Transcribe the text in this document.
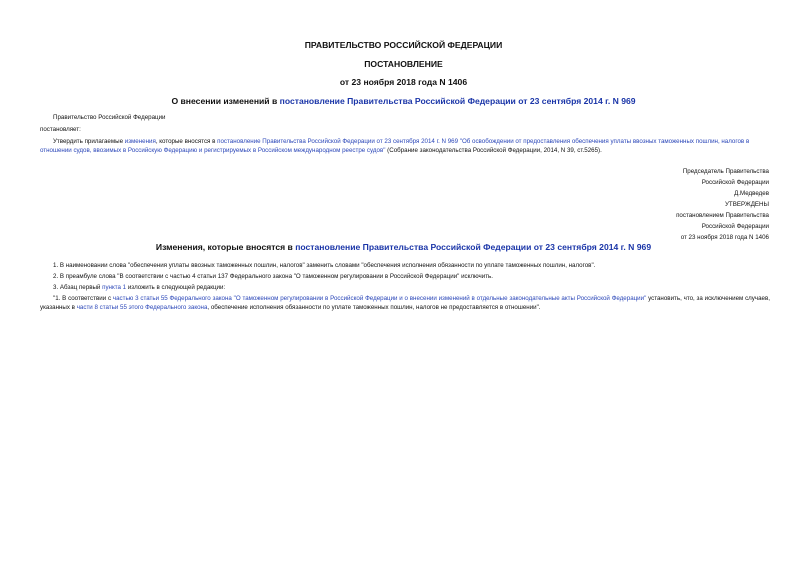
ПРАВИТЕЛЬСТВО РОССИЙСКОЙ ФЕДЕРАЦИИ
ПОСТАНОВЛЕНИЕ
от 23 ноября 2018 года N 1406
О внесении изменений в постановление Правительства Российской Федерации от 23 сентября 2014 г. N 969
Правительство Российской Федерации
постановляет:
Утвердить прилагаемые изменения, которые вносятся в постановление Правительства Российской Федерации от 23 сентября 2014 г. N 969 "Об освобождении от предоставления обеспечения уплаты ввозных таможенных пошлин, налогов в отношении судов, ввозимых в Российскую Федерацию и регистрируемых в Российском международном реестре судов" (Собрание законодательства Российской Федерации, 2014, N 39, ст.5265).
Председатель Правительства
Российской Федерации
Д.Медведев
УТВЕРЖДЕНЫ
постановлением Правительства
Российской Федерации
от 23 ноября 2018 года N 1406
Изменения, которые вносятся в постановление Правительства Российской Федерации от 23 сентября 2014 г. N 969
1. В наименовании слова "обеспечения уплаты ввозных таможенных пошлин, налогов" заменить словами "обеспечения исполнения обязанности по уплате таможенных пошлин, налогов".
2. В преамбуле слова "В соответствии с частью 4 статьи 137 Федерального закона "О таможенном регулировании в Российской Федерации" исключить.
3. Абзац первый пункта 1 изложить в следующей редакции:
"1. В соответствии с частью 3 статьи 55 Федерального закона "О таможенном регулировании в Российской Федерации и о внесении изменений в отдельные законодательные акты Российской Федерации" установить, что, за исключением случаев, указанных в части 8 статьи 55 этого Федерального закона, обеспечение исполнения обязанности по уплате таможенных пошлин, налогов не предоставляется в отношении".
